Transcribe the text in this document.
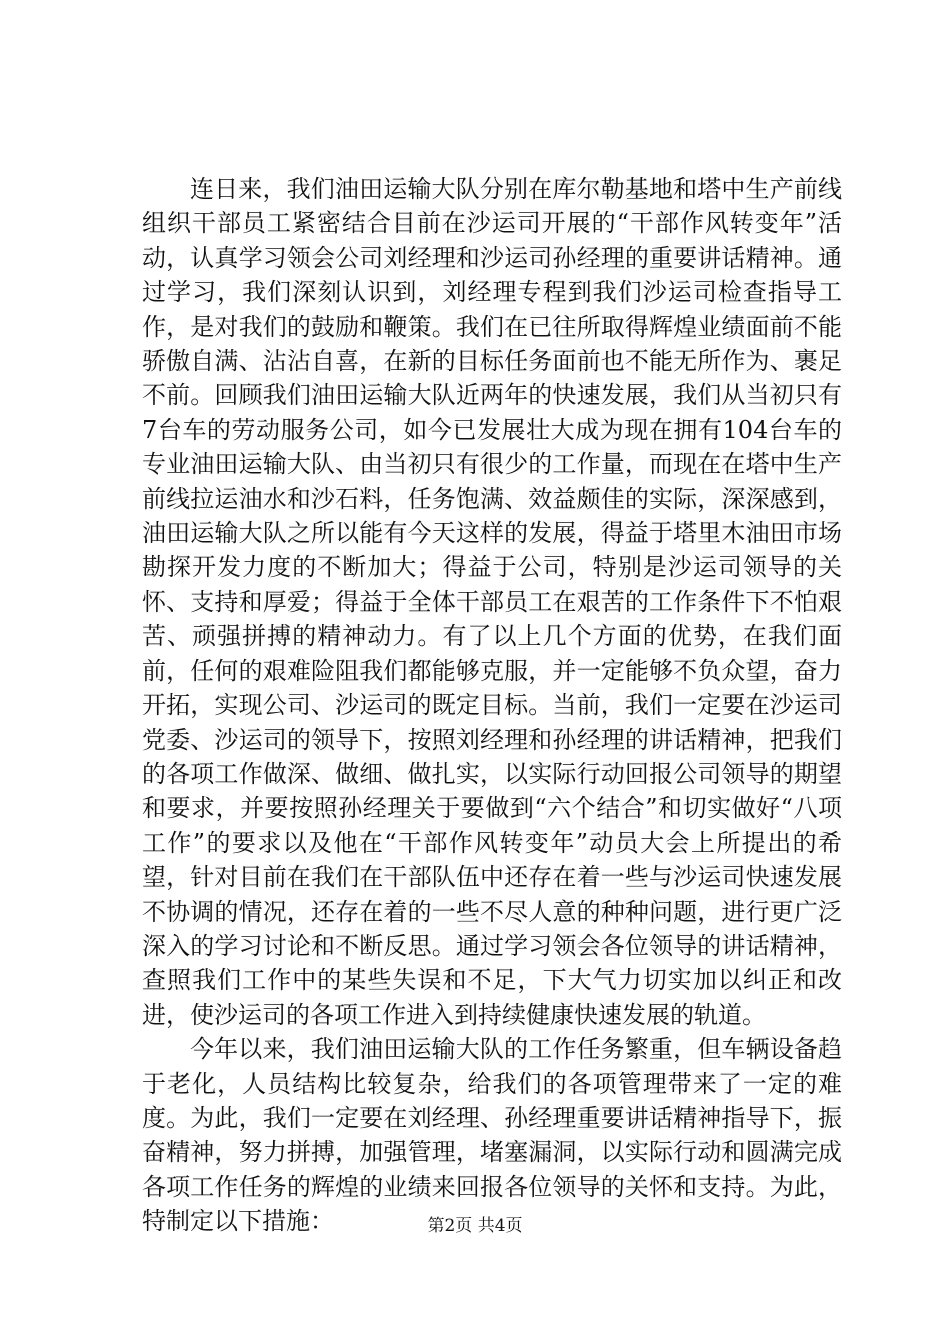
连日来，我们油田运输大队分别在库尔勒基地和塔中生产前线组织干部员工紧密结合目前在沙运司开展的“干部作风转变年”活动，认真学习领会公司刘经理和沙运司孙经理的重要讲话精神。通过学习，我们深刻认识到，刘经理专程到我们沙运司检查指导工作，是对我们的鼓励和鞭策。我们在已往所取得辉煌业绩面前不能骄傲自满、沾沾自喜，在新的目标任务面前也不能无所作为、裹足不前。回顾我们油田运输大队近两年的快速发展，我们从当初只有7台车的劳动服务公司，如今已发展壮大成为现在拥有104台车的专业油田运输大队、由当初只有很少的工作量，而现在在塔中生产前线拉运油水和沙石料，任务饱满、效益颇佳的实际，深深感到，油田运输大队之所以能有今天这样的发展，得益于塔里木油田市场勘探开发力度的不断加大；得益于公司，特别是沙运司领导的关怀、支持和厚爱；得益于全体干部员工在艰苦的工作条件下不怕艰苦、顽强拼搏的精神动力。有了以上几个方面的优势，在我们面前，任何的艰难险阻我们都能够克服，并一定能够不负众望，奋力开拓，实现公司、沙运司的既定目标。当前，我们一定要在沙运司党委、沙运司的领导下，按照刘经理和孙经理的讲话精神，把我们的各项工作做深、做细、做扎实，以实际行动回报公司领导的期望和要求，并要按照孙经理关于要做到“六个结合”和切实做好“八项工作”的要求以及他在“干部作风转变年”动员大会上所提出的希望，针对目前在我们在干部队伍中还存在着一些与沙运司快速发展不协调的情况，还存在着的一些不尽人意的种种问题，进行更广泛深入的学习讨论和不断反思。通过学习领会各位领导的讲话精神，查照我们工作中的某些失误和不足，下大气力切实加以纠正和改进，使沙运司的各项工作进入到持续健康快速发展的轨道。

今年以来，我们油田运输大队的工作任务繁重，但车辆设备趋于老化，人员结构比较复杂，给我们的各项管理带来了一定的难度。为此，我们一定要在刘经理、孙经理重要讲话精神指导下，振奋精神，努力拼搏，加强管理，堵塞漏洞，以实际行动和圆满完成各项工作任务的辉煌的业绩来回报各位领导的关怀和支持。为此，特制定以下措施：	第2页 共4页
